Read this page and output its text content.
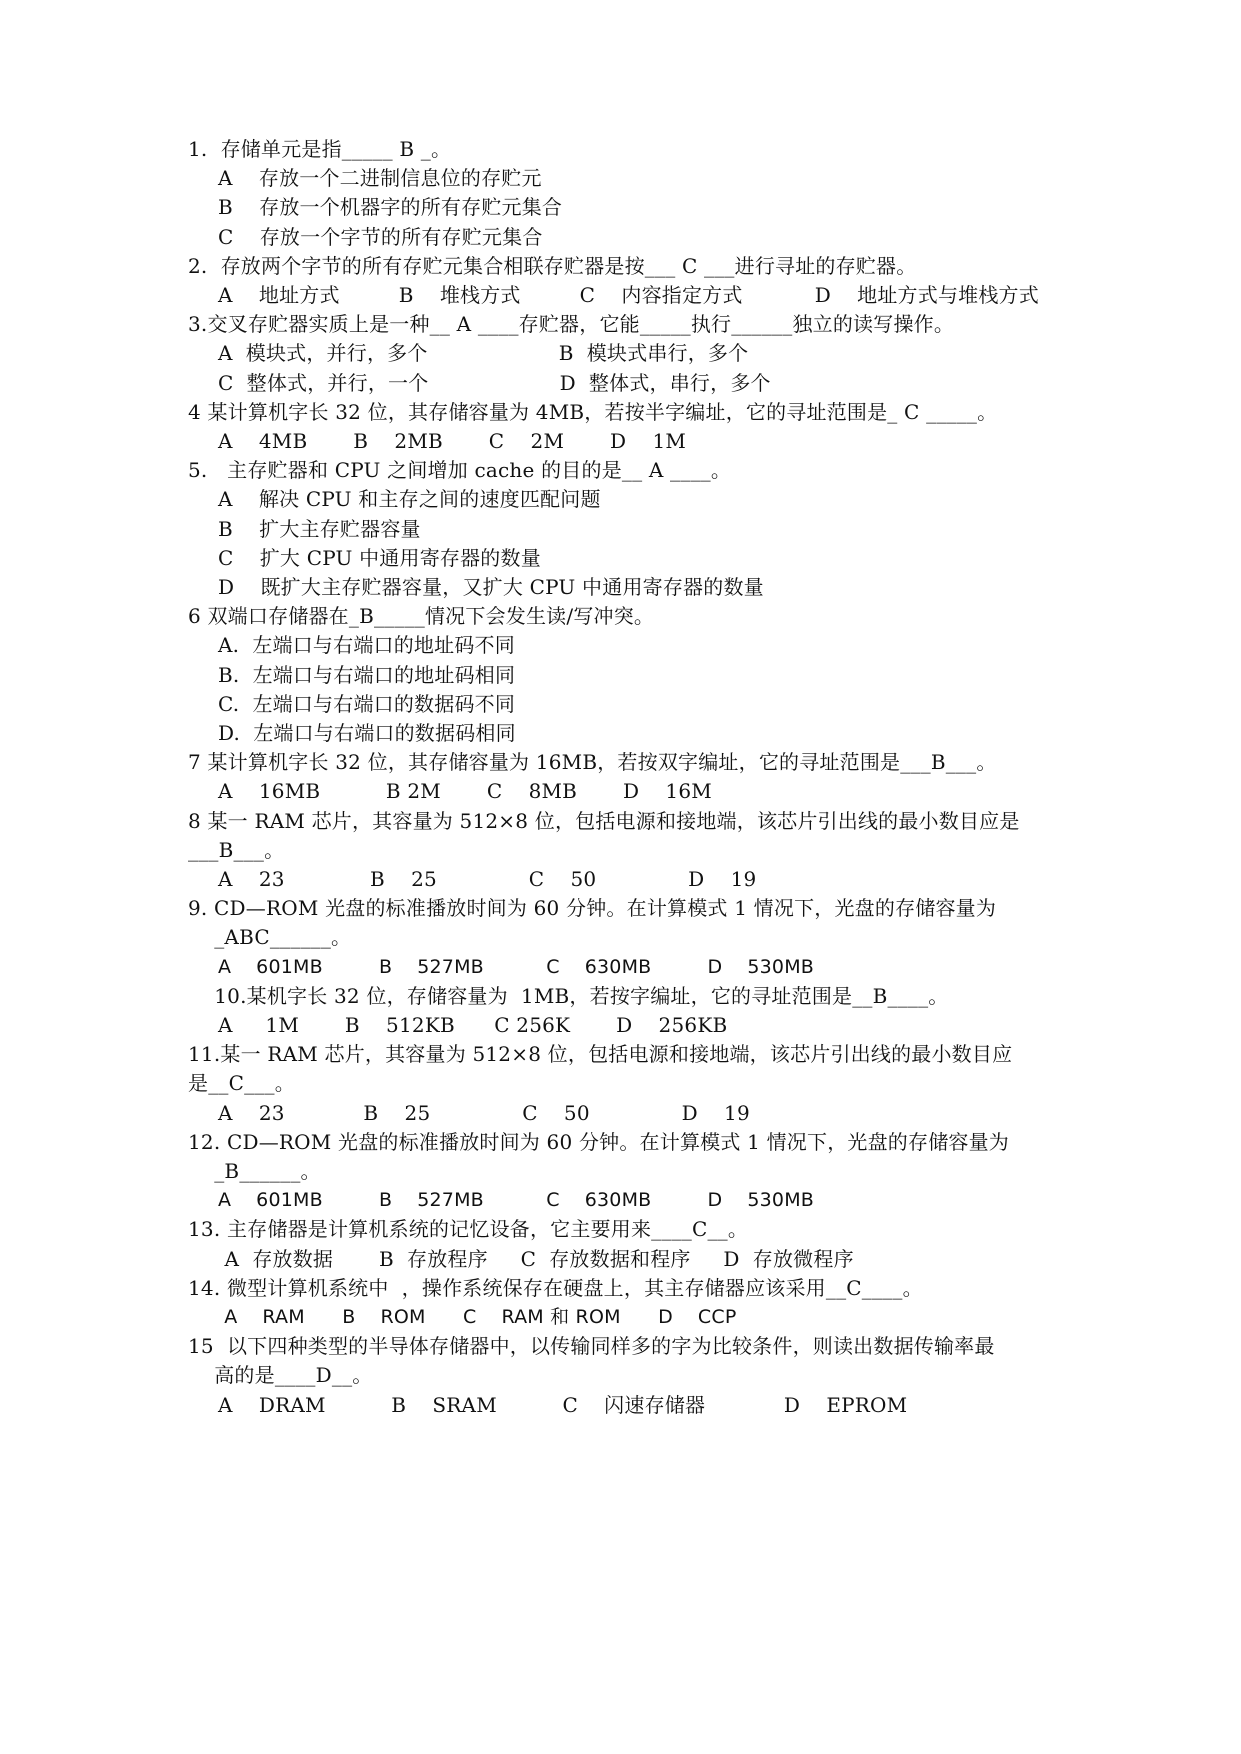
1.  存储单元是指_____ B _。
A    存放一个二进制信息位的存贮元
B    存放一个机器字的所有存贮元集合
C    存放一个字节的所有存贮元集合
2.  存放两个字节的所有存贮元集合相联存贮器是按___ C ___进行寻址的存贮器。
A    地址方式         B    堆栈方式         C    内容指定方式           D    地址方式与堆栈方式
3.交叉存贮器实质上是一种__ A ____存贮器，它能_____执行______独立的读写操作。
A  模块式，并行，多个                    B  模块式串行，多个
C  整体式，并行，一个                    D  整体式，串行，多个
4 某计算机字长 32 位，其存储容量为 4MB，若按半字编址，它的寻址范围是_ C _____。
A    4MB       B    2MB       C    2M       D    1M
5.   主存贮器和 CPU 之间增加 cache 的目的是__ A ____。
A    解决 CPU 和主存之间的速度匹配问题
B    扩大主存贮器容量
C    扩大 CPU 中通用寄存器的数量
D    既扩大主存贮器容量，又扩大 CPU 中通用寄存器的数量
6 双端口存储器在_B_____情况下会发生读/写冲突。
A.  左端口与右端口的地址码不同
B.  左端口与右端口的地址码相同
C.  左端口与右端口的数据码不同
D.  左端口与右端口的数据码相同
7 某计算机字长 32 位，其存储容量为 16MB，若按双字编址，它的寻址范围是___B___。
A    16MB          B 2M       C    8MB       D    16M
8 某一 RAM 芯片，其容量为 512×8 位，包括电源和接地端，该芯片引出线的最小数目应是
___B___。
A    23             B    25              C    50              D    19
9. CD—ROM 光盘的标准播放时间为 60 分钟。在计算模式 1 情况下，光盘的存储容量为
_ABC______。
A    601MB         B    527MB          C    630MB         D    530MB
10.某机字长 32 位，存储容量为  1MB，若按字编址，它的寻址范围是__B____。
A     1M       B    512KB      C 256K       D    256KB
11.某一 RAM 芯片，其容量为 512×8 位，包括电源和接地端，该芯片引出线的最小数目应
是__C___。
A    23            B    25              C    50              D    19
12. CD—ROM 光盘的标准播放时间为 60 分钟。在计算模式 1 情况下，光盘的存储容量为
_B______。
A    601MB         B    527MB          C    630MB         D    530MB
13. 主存储器是计算机系统的记忆设备，它主要用来____C__。
A  存放数据       B  存放程序     C  存放数据和程序     D  存放微程序
14. 微型计算机系统中  ，操作系统保存在硬盘上，其主存储器应该采用__C____。
A    RAM      B    ROM      C    RAM 和 ROM      D    CCP
15  以下四种类型的半导体存储器中，以传输同样多的字为比较条件，则读出数据传输率最
高的是____D__。
A    DRAM          B    SRAM          C    闪速存储器            D    EPROM
